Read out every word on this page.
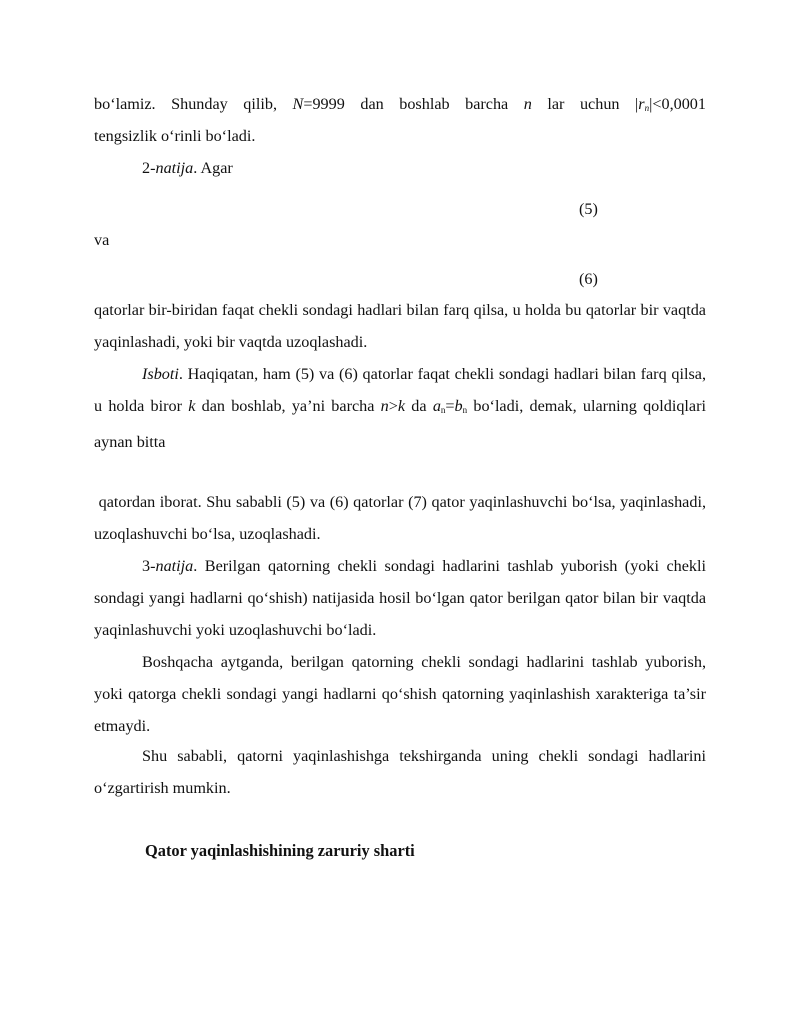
bo‘lamiz. Shunday qilib, N=9999 dan boshlab barcha n lar uchun $|r_n|<0,0001$

tengsizlik o‘rinli bo‘ladi.

2-natija. Agar

(5)

va

(6)

qatorlar bir-biridan faqat chekli sondagi hadlari bilan farq qilsa, u holda bu qatorlar bir vaqtda yaqinlashadi, yoki bir vaqtda uzoqlashadi.

Isboti. Haqiqatan, ham (5) va (6) qatorlar faqat chekli sondagi hadlari bilan farq qilsa, u holda biror k dan boshlab, ya’ni barcha n>k da $a_n=b_n$ bo‘ladi, demak, ularning qoldiqlari aynan bitta

qatordan iborat. Shu sababli (5) va (6) qatorlar (7) qator yaqinlashuvchi bo‘lsa, yaqinlashadi, uzoqlashuvchi bo‘lsa, uzoqlashadi.

3-natija. Berilgan qatorning chekli sondagi hadlarini tashlab yuborish (yoki chekli sondagi yangi hadlarni qo‘shish) natijasida hosil bo‘lgan qator berilgan qator bilan bir vaqtda yaqinlashuvchi yoki uzoqlashuvchi bo‘ladi.

Boshqacha aytganda, berilgan qatorning chekli sondagi hadlarini tashlab yuborish, yoki qatorga chekli sondagi yangi hadlarni qo‘shish qatorning yaqinlashish xarakteriga ta’sir etmaydi.

Shu sababli, qatorni yaqinlashishga tekshirganda uning chekli sondagi hadlarini o‘zgartirish mumkin.

Qator yaqinlashishining zaruriy sharti
